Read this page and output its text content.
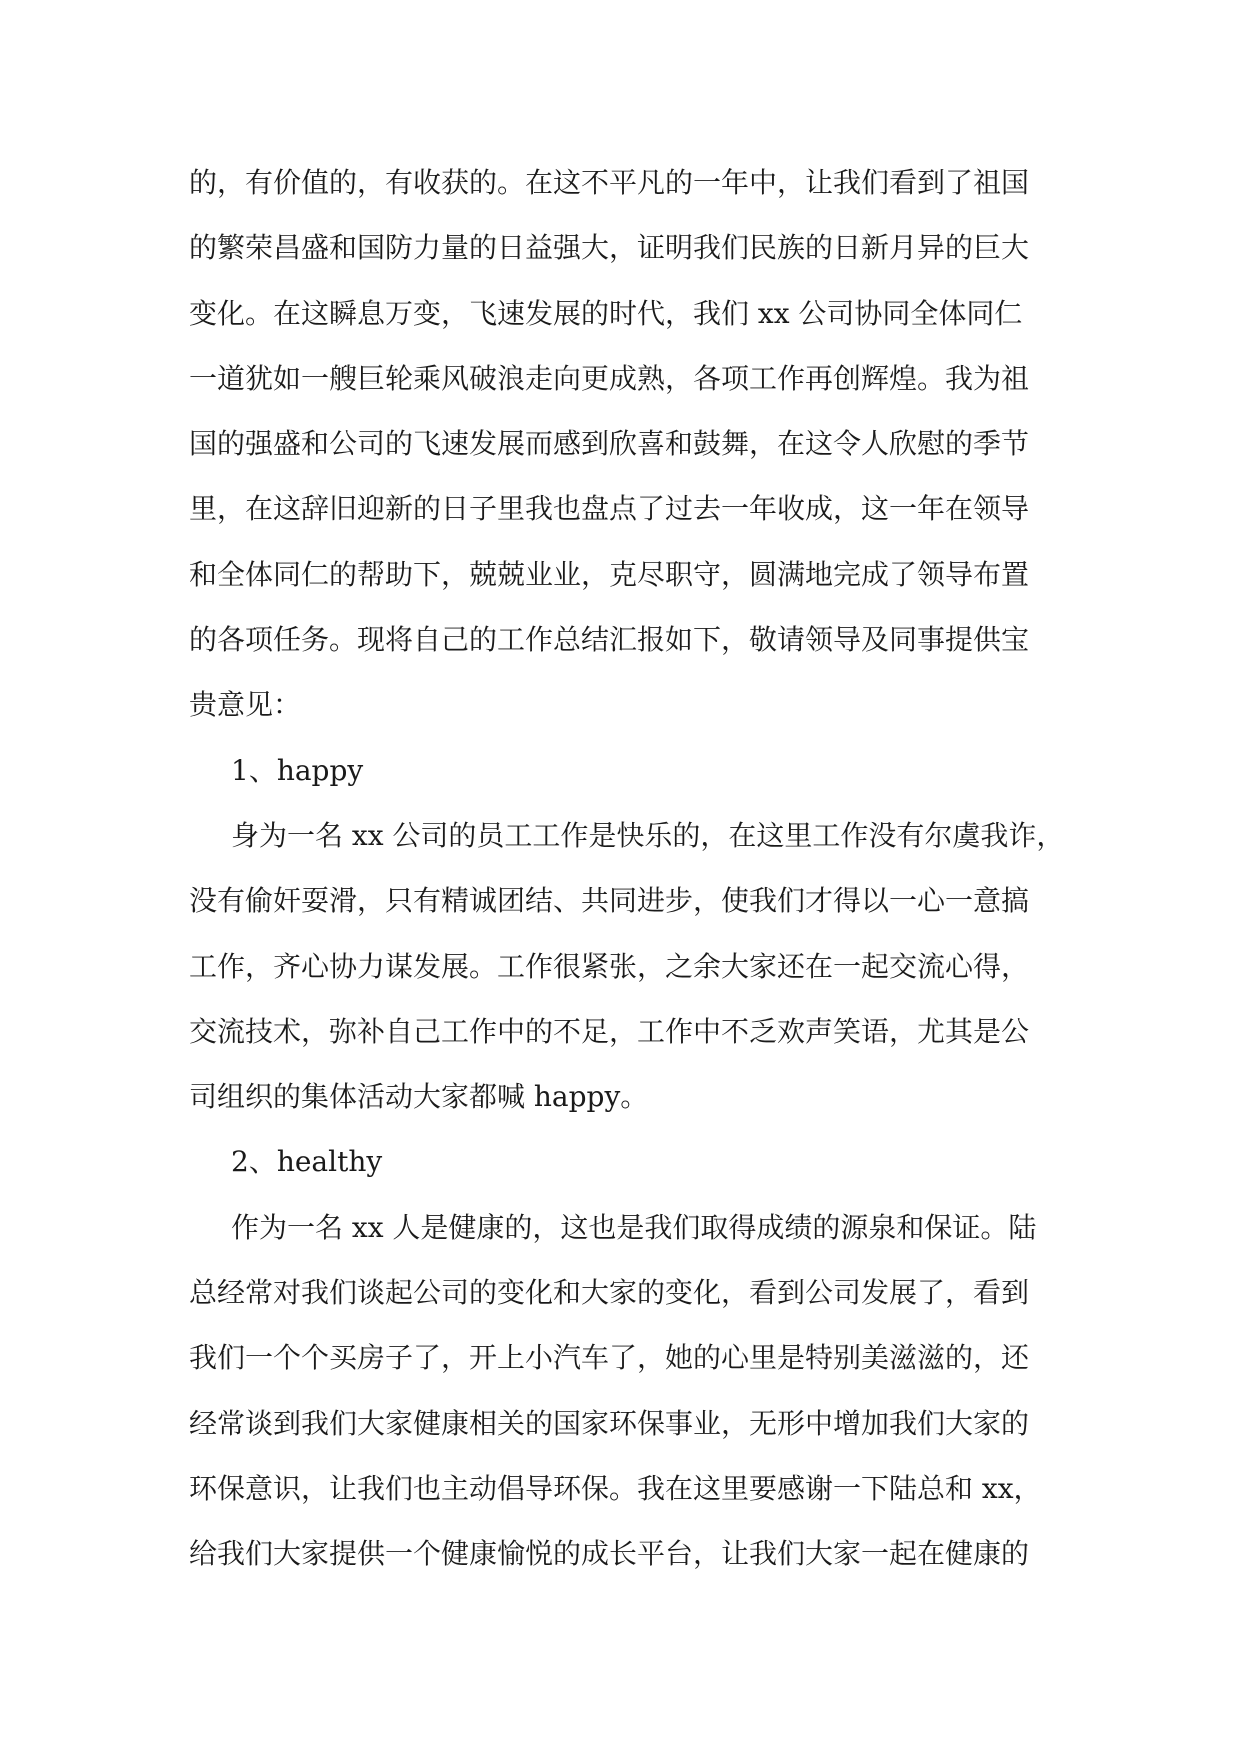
的，有价值的，有收获的。在这不平凡的一年中，让我们看到了祖国
的繁荣昌盛和国防力量的日益强大，证明我们民族的日新月异的巨大
变化。在这瞬息万变，飞速发展的时代，我们 xx 公司协同全体同仁
一道犹如一艘巨轮乘风破浪走向更成熟，各项工作再创辉煌。我为祖
国的强盛和公司的飞速发展而感到欣喜和鼓舞，在这令人欣慰的季节
里，在这辞旧迎新的日子里我也盘点了过去一年收成，这一年在领导
和全体同仁的帮助下，兢兢业业，克尽职守，圆满地完成了领导布置
的各项任务。现将自己的工作总结汇报如下，敬请领导及同事提供宝
贵意见：
1、happy
身为一名 xx 公司的员工工作是快乐的，在这里工作没有尔虞我诈，
没有偷奸耍滑，只有精诚团结、共同进步，使我们才得以一心一意搞
工作，齐心协力谋发展。工作很紧张，之余大家还在一起交流心得，
交流技术，弥补自己工作中的不足，工作中不乏欢声笑语，尤其是公
司组织的集体活动大家都喊 happy。
2、healthy
作为一名 xx 人是健康的，这也是我们取得成绩的源泉和保证。陆
总经常对我们谈起公司的变化和大家的变化，看到公司发展了，看到
我们一个个买房子了，开上小汽车了，她的心里是特别美滋滋的，还
经常谈到我们大家健康相关的国家环保事业，无形中增加我们大家的
环保意识，让我们也主动倡导环保。我在这里要感谢一下陆总和 xx，
给我们大家提供一个健康愉悦的成长平台，让我们大家一起在健康的
